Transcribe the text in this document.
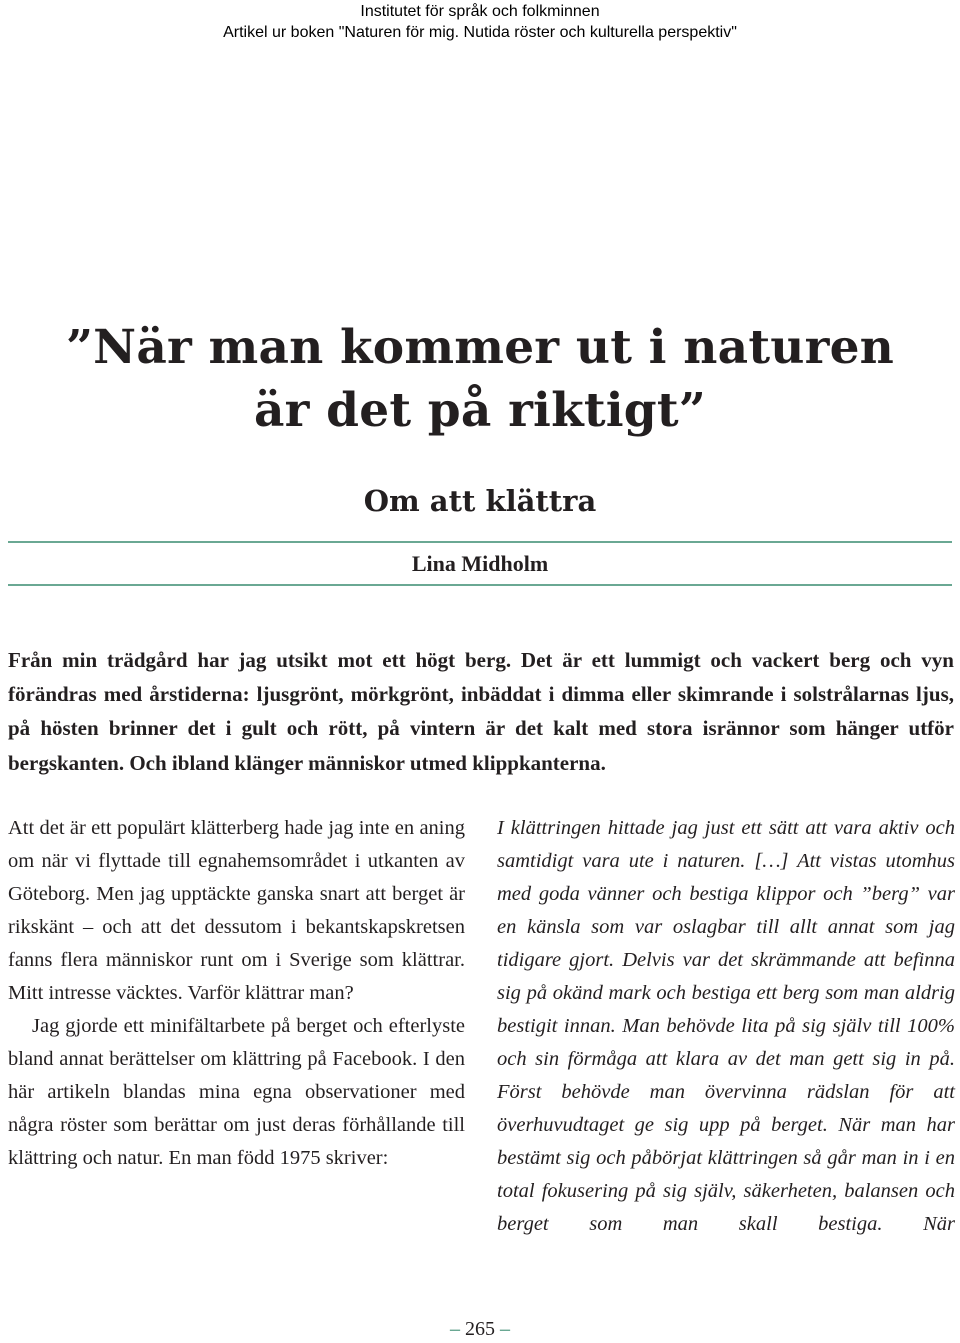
Institutet för språk och folkminnen
Artikel ur boken "Naturen för mig. Nutida röster och kulturella perspektiv"
”När man kommer ut i naturen
är det på riktigt”
Om att klättra
Lina Midholm
Från min trädgård har jag utsikt mot ett högt berg. Det är ett lummigt och vackert berg och vyn förändras med årstiderna: ljusgrönt, mörkgrönt, inbäddat i dimma eller skimrande i solstrålarnas ljus, på hösten brinner det i gult och rött, på vintern är det kalt med stora isrännor som hänger utför bergskanten. Och ibland klänger människor utmed klippkanterna.

Att det är ett populärt klätterberg hade jag inte en aning om när vi flyttade till egnahemsområdet i utkanten av Göteborg. Men jag upptäckte ganska snart att berget är rikskänt – och att det dessutom i bekantskapskretsen fanns flera människor runt om i Sverige som klättrar. Mitt intresse väcktes. Varför klättrar man?

Jag gjorde ett minifältarbete på berget och efterlyste bland annat berättelser om klättring på Facebook. I den här artikeln blandas mina egna observationer med några röster som berättar om just deras förhållande till klättring och natur. En man född 1975 skriver:

I klättringen hittade jag just ett sätt att vara aktiv och samtidigt vara ute i naturen. […] Att vistas utomhus med goda vänner och bestiga klippor och ”berg” var en känsla som var oslagbar till allt annat som jag tidigare gjort. Delvis var det skrämmande att befinna sig på okänd mark och bestiga ett berg som man aldrig bestigit innan. Man behövde lita på sig själv till 100% och sin förmåga att klara av det man gett sig in på. Först behövde man övervinna rädslan för att överhuvudtaget ge sig upp på berget. När man har bestämt sig och påbörjat klättringen så går man in i en total fokusering på sig själv, säkerheten, balansen och berget som man skall bestiga. När

– 265 –
